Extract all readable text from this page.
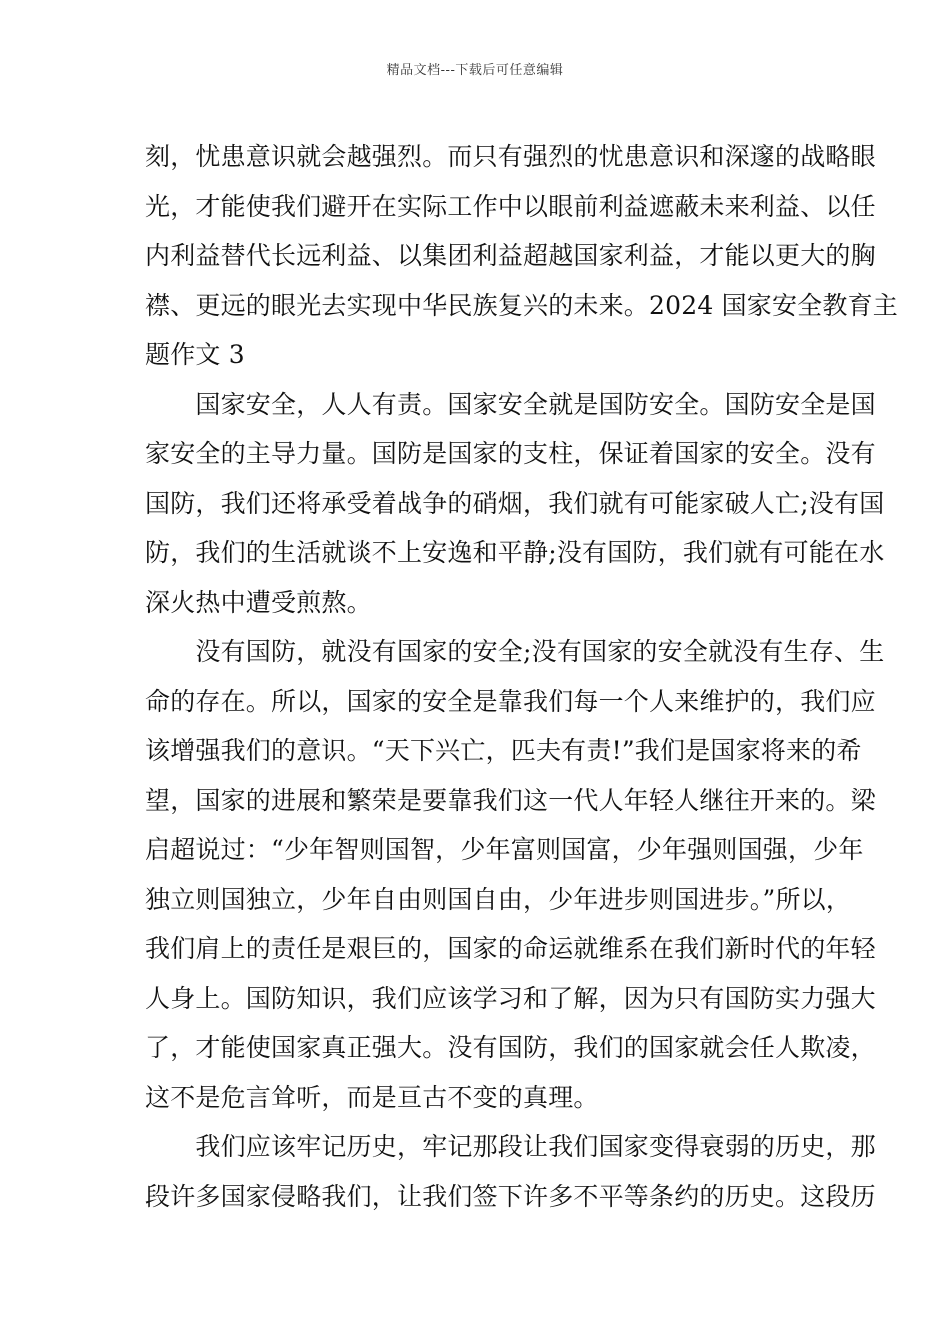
精品文档---下载后可任意编辑
刻，忧患意识就会越强烈。而只有强烈的忧患意识和深邃的战略眼
光，才能使我们避开在实际工作中以眼前利益遮蔽未来利益、以任
内利益替代长远利益、以集团利益超越国家利益，才能以更大的胸
襟、更远的眼光去实现中华民族复兴的未来。2024 国家安全教育主
题作文 3
　　国家安全，人人有责。国家安全就是国防安全。国防安全是国
家安全的主导力量。国防是国家的支柱，保证着国家的安全。没有
国防，我们还将承受着战争的硝烟，我们就有可能家破人亡;没有国
防，我们的生活就谈不上安逸和平静;没有国防，我们就有可能在水
深火热中遭受煎熬。
　　没有国防，就没有国家的安全;没有国家的安全就没有生存、生
命的存在。所以，国家的安全是靠我们每一个人来维护的，我们应
该增强我们的意识。“天下兴亡，匹夫有责!”我们是国家将来的希
望，国家的进展和繁荣是要靠我们这一代人年轻人继往开来的。梁
启超说过：“少年智则国智，少年富则国富，少年强则国强，少年
独立则国独立，少年自由则国自由，少年进步则国进步。”所以，
我们肩上的责任是艰巨的，国家的命运就维系在我们新时代的年轻
人身上。国防知识，我们应该学习和了解，因为只有国防实力强大
了，才能使国家真正强大。没有国防，我们的国家就会任人欺凌，
这不是危言耸听，而是亘古不变的真理。
　　我们应该牢记历史，牢记那段让我们国家变得衰弱的历史，那
段许多国家侵略我们，让我们签下许多不平等条约的历史。这段历
